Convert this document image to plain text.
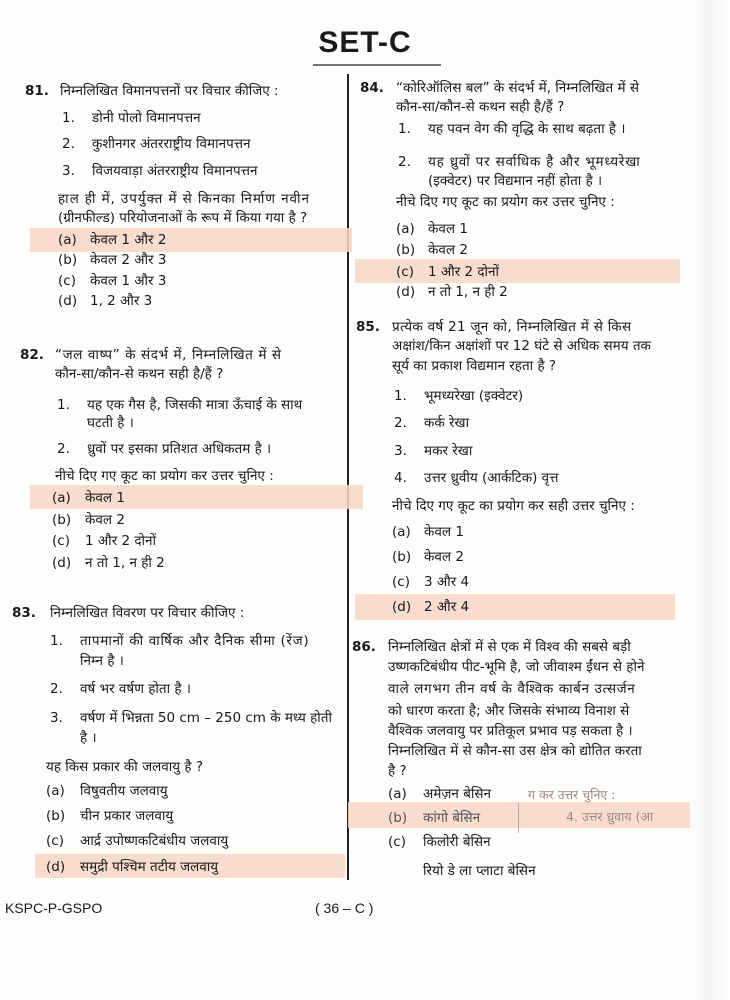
SET-C
81. निम्नलिखित विमानपत्तनों पर विचार कीजिए :
1. डोनी पोलो विमानपत्तन
2. कुशीनगर अंतरराष्ट्रीय विमानपत्तन
3. विजयवाड़ा अंतरराष्ट्रीय विमानपत्तन
हाल ही में, उपर्युक्त में से किनका निर्माण नवीन
(ग्रीनफील्ड) परियोजनाओं के रूप में किया गया है ?
(a) केवल 1 और 2
(b) केवल 2 और 3
(c) केवल 1 और 3
(d) 1, 2 और 3
82. “जल वाष्प” के संदर्भ में, निम्नलिखित में से
कौन-सा/कौन-से कथन सही है/हैं ?
1. यह एक गैस है, जिसकी मात्रा ऊँचाई के साथ
घटती है ।
2. ध्रुवों पर इसका प्रतिशत अधिकतम है ।
नीचे दिए गए कूट का प्रयोग कर उत्तर चुनिए :
(a) केवल 1
(b) केवल 2
(c) 1 और 2 दोनों
(d) न तो 1, न ही 2
83. निम्नलिखित विवरण पर विचार कीजिए :
1. तापमानों की वार्षिक और दैनिक सीमा (रेंज)
निम्न है ।
2. वर्ष भर वर्षण होता है ।
3. वर्षण में भिन्नता 50 cm – 250 cm के मध्य होती
है ।
यह किस प्रकार की जलवायु है ?
(a) विषुवतीय जलवायु
(b) चीन प्रकार जलवायु
(c) आर्द्र उपोष्णकटिबंधीय जलवायु
(d) समुद्री पश्चिम तटीय जलवायु
84. “कोरिऑलिस बल” के संदर्भ में, निम्नलिखित में से
कौन-सा/कौन-से कथन सही है/हैं ?
1. यह पवन वेग की वृद्धि के साथ बढ़ता है ।
2. यह ध्रुवों पर सर्वाधिक है और भूमध्यरेखा
(इक्वेटर) पर विद्यमान नहीं होता है ।
नीचे दिए गए कूट का प्रयोग कर उत्तर चुनिए :
(a) केवल 1
(b) केवल 2
(c) 1 और 2 दोनों
(d) न तो 1, न ही 2
85. प्रत्येक वर्ष 21 जून को, निम्नलिखित में से किस
अक्षांश/किन अक्षांशों पर 12 घंटे से अधिक समय तक
सूर्य का प्रकाश विद्यमान रहता है ?
1. भूमध्यरेखा (इक्वेटर)
2. कर्क रेखा
3. मकर रेखा
4. उत्तर ध्रुवीय (आर्कटिक) वृत्त
नीचे दिए गए कूट का प्रयोग कर सही उत्तर चुनिए :
(a) केवल 1
(b) केवल 2
(c) 3 और 4
(d) 2 और 4
86. निम्नलिखित क्षेत्रों में से एक में विश्व की सबसे बड़ी
उष्णकटिबंधीय पीट-भूमि है, जो जीवाश्म ईंधन से होने
वाले लगभग तीन वर्ष के वैश्विक कार्बन उत्सर्जन
को धारण करता है; और जिसके संभाव्य विनाश से
वैश्विक जलवायु पर प्रतिकूल प्रभाव पड़ सकता है ।
निम्नलिखित में से कौन-सा उस क्षेत्र को द्योतित करता
है ?
(a) अमेज़न बेसिन	ग कर उत्तर चुनिए :
4. उत्तर ध्रुवाय (आ
(b) कांगो बेसिन
(c) किलोरी बेसिन
रियो डे ला प्लाटा बेसिन
KSPC-P-GSPO	( 36 – C )
